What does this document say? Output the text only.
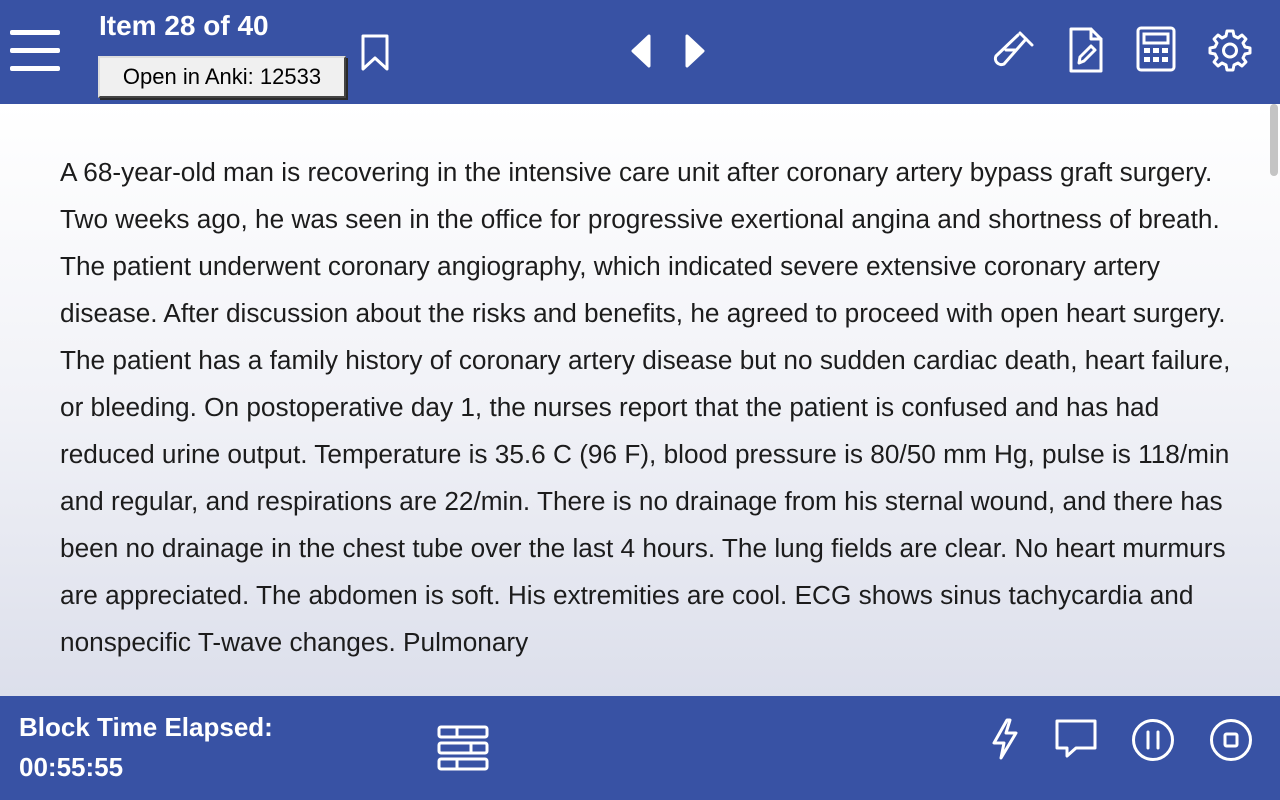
Item 28 of 40
Open in Anki: 12533

A 68-year-old man is recovering in the intensive care unit after coronary artery bypass graft surgery. Two weeks ago, he was seen in the office for progressive exertional angina and shortness of breath. The patient underwent coronary angiography, which indicated severe extensive coronary artery disease. After discussion about the risks and benefits, he agreed to proceed with open heart surgery. The patient has a family history of coronary artery disease but no sudden cardiac death, heart failure, or bleeding. On postoperative day 1, the nurses report that the patient is confused and has had reduced urine output. Temperature is 35.6 C (96 F), blood pressure is 80/50 mm Hg, pulse is 118/min and regular, and respirations are 22/min. There is no drainage from his sternal wound, and there has been no drainage in the chest tube over the last 4 hours. The lung fields are clear. No heart murmurs are appreciated. The abdomen is soft. His extremities are cool. ECG shows sinus tachycardia and nonspecific T-wave changes. Pulmonary

Block Time Elapsed:
00:55:55
